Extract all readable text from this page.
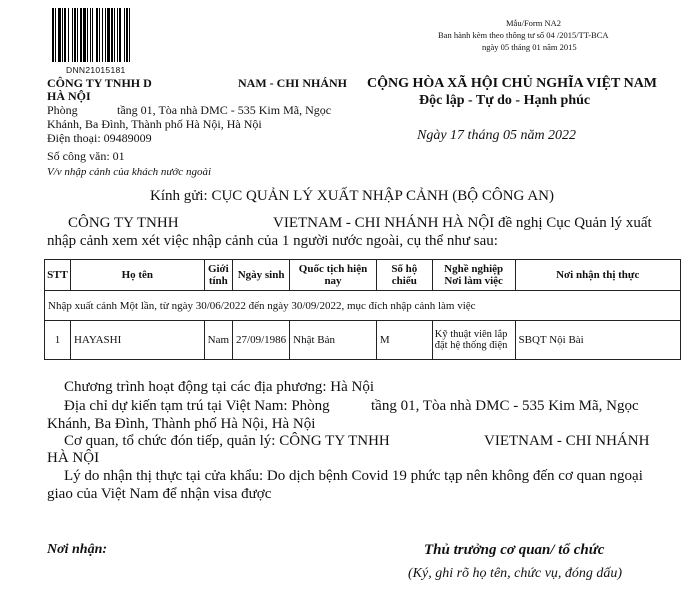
DNN21015181
Mẫu/Form NA2
Ban hành kèm theo thông tư số 04 /2015/TT-BCA
ngày 05 tháng 01 năm 2015
CÔNG TY TNHH D	NAM - CHI NHÁNH
HÀ NỘI
Phòng	tầng 01, Tòa nhà DMC - 535 Kim Mã, Ngọc
Khánh, Ba Đình, Thành phố Hà Nội, Hà Nội
Điện thoại: 09489009
Số công văn: 01
V/v nhập cảnh của khách nước ngoài
CỘNG HÒA XÃ HỘI CHỦ NGHĨA VIỆT NAM
Độc lập - Tự do - Hạnh phúc
Ngày 17 tháng 05 năm 2022
Kính gửi: CỤC QUẢN LÝ XUẤT NHẬP CẢNH (BỘ CÔNG AN)
CÔNG TY TNHH	VIETNAM - CHI NHÁNH HÀ NỘI đề nghị Cục Quản lý xuất
nhập cảnh xem xét việc nhập cảnh của 1 người nước ngoài, cụ thể như sau:
STT	Họ tên	Giới tính	Ngày sinh	Quốc tịch hiện nay	Số hộ chiếu	Nghề nghiệp Nơi làm việc	Nơi nhận thị thực
Nhập xuất cảnh Một lần, từ ngày 30/06/2022 đến ngày 30/09/2022, mục đích nhập cảnh làm việc							
1	HAYASHI	Nam	27/09/1986	Nhật Bản	M	Kỹ thuật viên lắp đặt hệ thống điện	SBQT Nội Bài
Chương trình hoạt động tại các địa phương: Hà Nội
Địa chỉ dự kiến tạm trú tại Việt Nam: Phòng	tầng 01, Tòa nhà DMC - 535 Kim Mã, Ngọc
Khánh, Ba Đình, Thành phố Hà Nội, Hà Nội
Cơ quan, tổ chức đón tiếp, quản lý: CÔNG TY TNHH	VIETNAM - CHI NHÁNH
HÀ NỘI
Lý do nhận thị thực tại cửa khẩu: Do dịch bệnh Covid 19 phức tạp nên không đến cơ quan ngoại
giao của Việt Nam để nhận visa được
Nơi nhận:	Thủ trưởng cơ quan/ tổ chức
(Ký, ghi rõ họ tên, chức vụ, đóng dấu)
